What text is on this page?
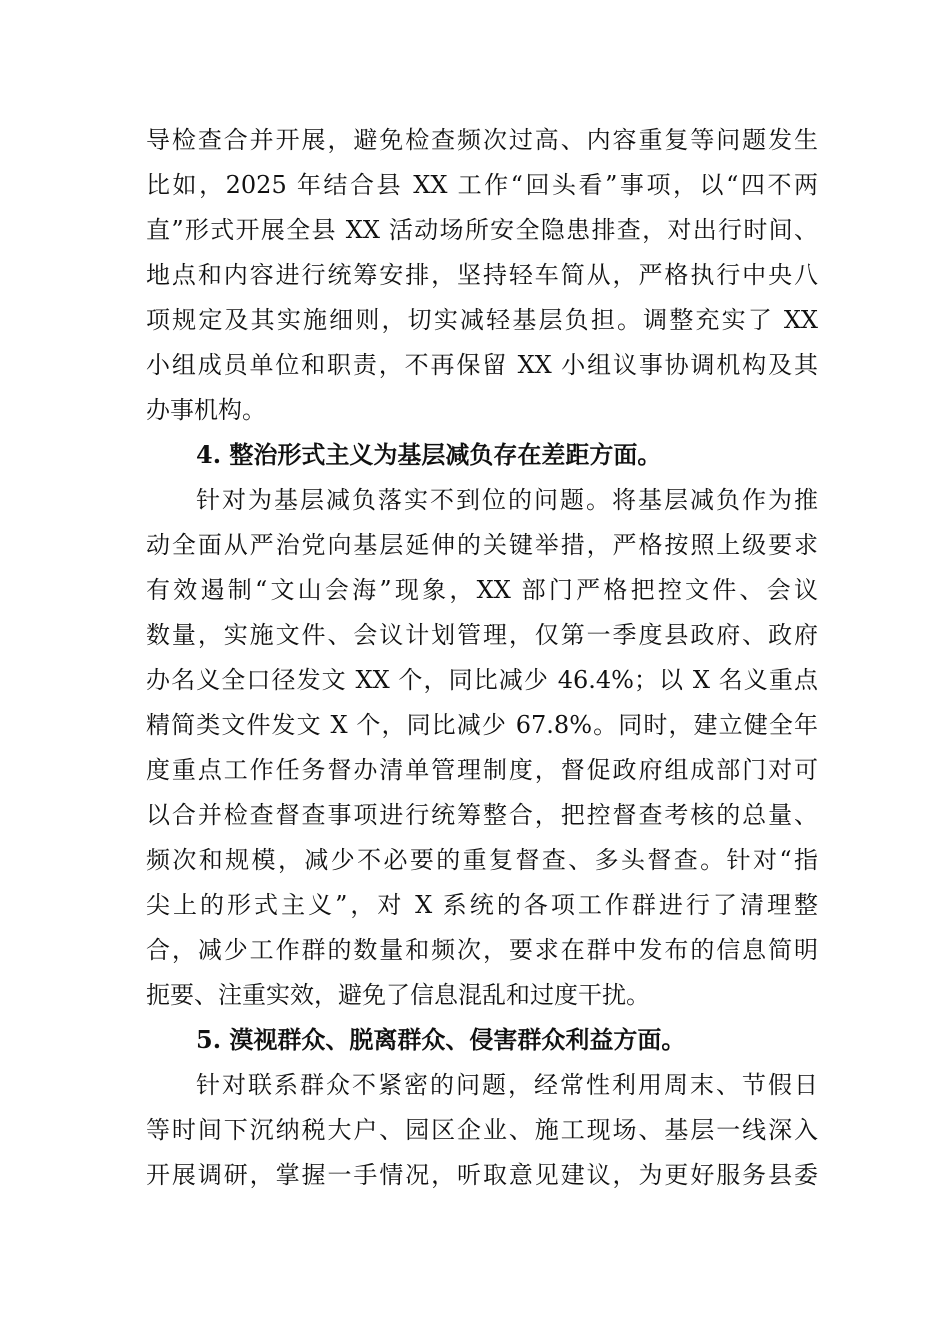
导检查合并开展，避免检查频次过高、内容重复等问题发生
比如，2025 年结合县 XX 工作“回头看”事项，以“四不两
直”形式开展全县 XX 活动场所安全隐患排查，对出行时间、
地点和内容进行统筹安排，坚持轻车简从，严格执行中央八
项规定及其实施细则，切实减轻基层负担。调整充实了 XX
小组成员单位和职责，不再保留 XX 小组议事协调机构及其
办事机构。
4. 整治形式主义为基层减负存在差距方面。
针对为基层减负落实不到位的问题。将基层减负作为推
动全面从严治党向基层延伸的关键举措，严格按照上级要求
有效遏制“文山会海”现象，XX 部门严格把控文件、会议
数量，实施文件、会议计划管理，仅第一季度县政府、政府
办名义全口径发文 XX 个，同比减少 46.4%；以 X 名义重点
精简类文件发文 X 个，同比减少 67.8%。同时，建立健全年
度重点工作任务督办清单管理制度，督促政府组成部门对可
以合并检查督查事项进行统筹整合，把控督查考核的总量、
频次和规模，减少不必要的重复督查、多头督查。针对“指
尖上的形式主义”，对 X 系统的各项工作群进行了清理整
合，减少工作群的数量和频次，要求在群中发布的信息简明
扼要、注重实效，避免了信息混乱和过度干扰。
5. 漠视群众、脱离群众、侵害群众利益方面。
针对联系群众不紧密的问题，经常性利用周末、节假日
等时间下沉纳税大户、园区企业、施工现场、基层一线深入
开展调研，掌握一手情况，听取意见建议，为更好服务县委
